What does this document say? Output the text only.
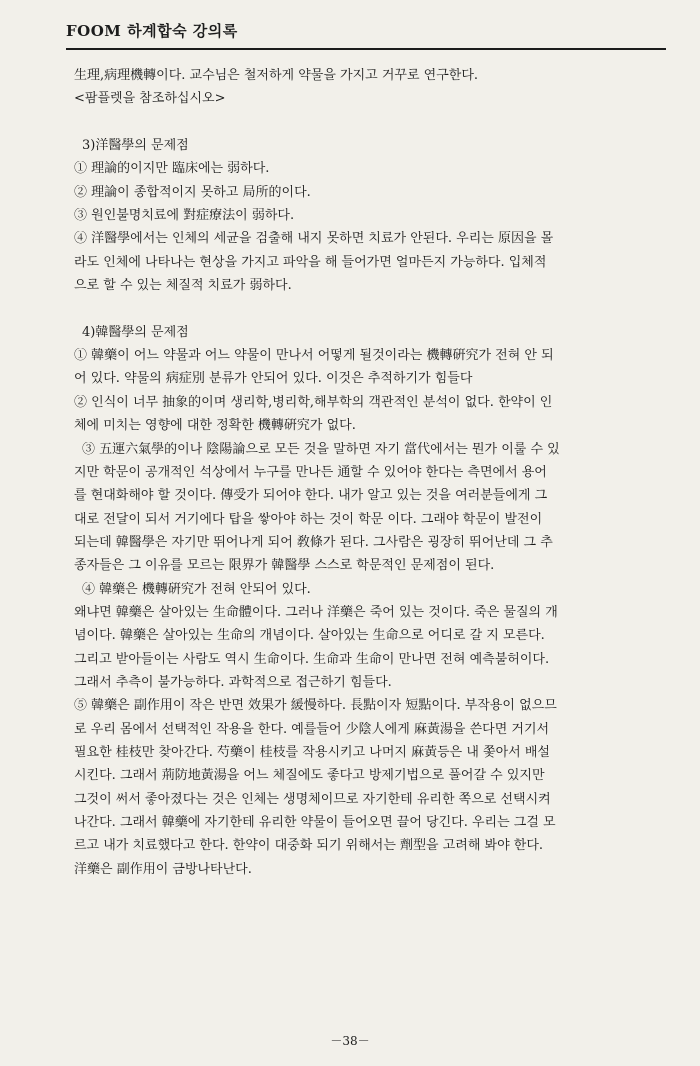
FOOM 하계합숙 강의록
生理,病理機轉이다. 교수님은 철저하게 약물을 가지고 거꾸로 연구한다.
<팜플렛을 참조하십시오>
3)洋醫學의 문제점
① 理論的이지만 臨床에는 弱하다.
② 理論이 종합적이지 못하고 局所的이다.
③ 원인불명치료에 對症療法이 弱하다.
④ 洋醫學에서는 인체의 세균을 검출해 내지 못하면 치료가 안된다. 우리는 原因을 몰
라도 인체에 나타나는 현상을 가지고 파악을 해 들어가면 얼마든지 가능하다. 입체적
으로 할 수 있는 체질적 치료가 弱하다.
4)韓醫學의 문제점
① 韓藥이 어느 약물과 어느 약물이 만나서 어떻게 될것이라는 機轉硏究가 전혀 안 되
어 있다. 약물의 病症別 분류가 안되어 있다. 이것은 추적하기가 힘들다
② 인식이 너무 抽象的이며 생리학,병리학,해부학의 객관적인 분석이 없다. 한약이 인
체에 미치는 영향에 대한 정확한 機轉硏究가 없다.
③ 五運六氣學的이나 陰陽論으로 모든 것을 말하면 자기 當代에서는 뭔가 이룰 수 있
지만 학문이 공개적인 석상에서 누구를 만나든 通할 수 있어야 한다는 측면에서 용어
를 현대화해야 할 것이다. 傳受가 되어야 한다. 내가 알고 있는 것을 여러분들에게 그
대로 전달이 되서 거기에다 탑을 쌓아야 하는 것이 학문 이다. 그래야 학문이 발전이
되는데 韓醫學은 자기만 뛰어나게 되어 敎條가 된다. 그사람은 굉장히 뛰어난데 그 추
종자들은 그 이유를 모르는 限界가 韓醫學 스스로 학문적인 문제점이 된다.
④ 韓藥은 機轉硏究가 전혀 안되어 있다.
왜냐면 韓藥은 살아있는 生命體이다. 그러나 洋藥은 죽어 있는 것이다. 죽은 물질의 개
념이다. 韓藥은 살아있는 生命의 개념이다. 살아있는 生命으로 어디로 갈 지 모른다.
그리고 받아들이는 사람도 역시 生命이다. 生命과 生命이 만나면 전혀 예측불허이다.
그래서 추측이 불가능하다. 과학적으로 접근하기 힘들다.
⑤ 韓藥은 副作用이 작은 반면 效果가 緩慢하다. 長點이자 短點이다. 부작용이 없으므
로 우리 몸에서 선택적인 작용을 한다. 예를들어 少陰人에게 麻黃湯을 쓴다면 거기서
필요한 桂枝만 찾아간다. 芍藥이 桂枝를 작용시키고 나머지 麻黃등은 내 쫓아서 배설
시킨다. 그래서 荊防地黃湯을 어느 체질에도 좋다고 방제기법으로 풀어갈 수 있지만
그것이 써서 좋아졌다는 것은 인체는 생명체이므로 자기한테 유리한 쪽으로 선택시켜
나간다. 그래서 韓藥에 자기한테 유리한 약물이 들어오면 끌어 당긴다. 우리는 그걸 모
르고 내가 치료했다고 한다. 한약이 대중화 되기 위해서는 劑型을 고려해 봐야 한다.
洋藥은 副作用이 금방나타난다.
－38－
